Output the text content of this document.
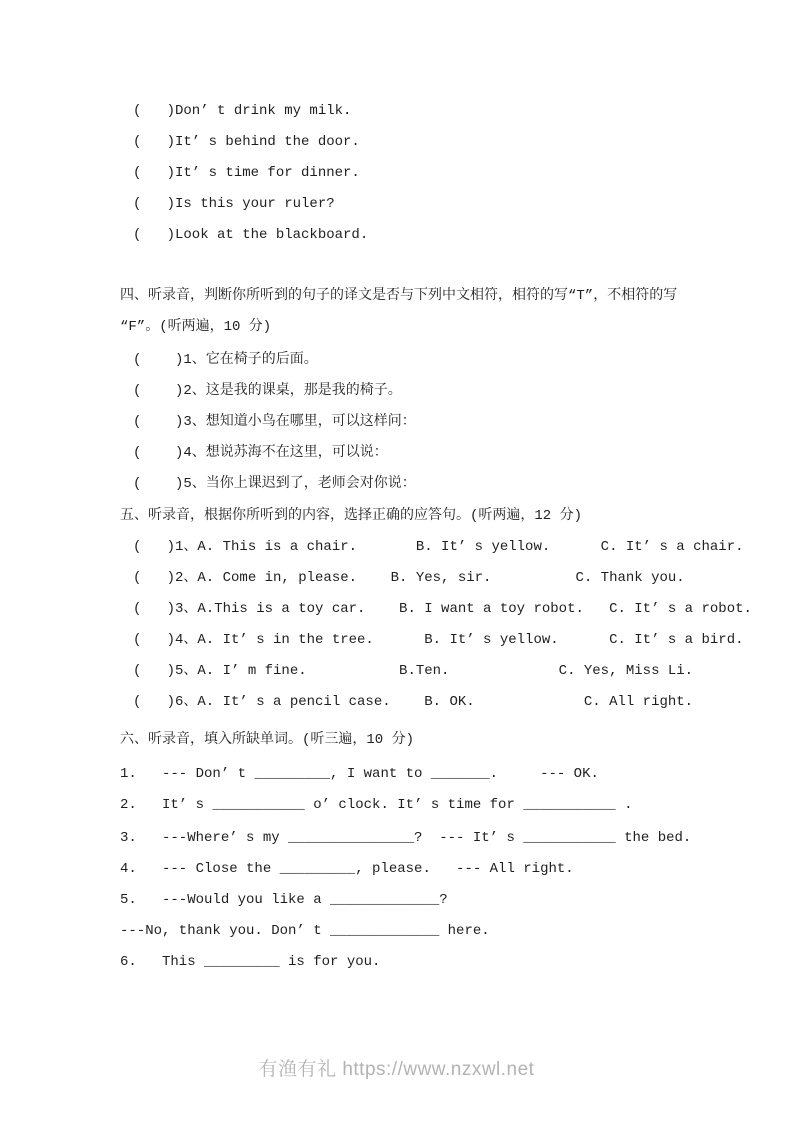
(   )Don’ t drink my milk.
(   )It’ s behind the door.
(   )It’ s time for dinner.
(   )Is this your ruler?
(   )Look at the blackboard.
四、听录音，判断你所听到的句子的译文是否与下列中文相符，相符的写“T”，不相符的写
“F”。(听两遍，10 分)
(    )1、它在椅子的后面。
(    )2、这是我的课桌，那是我的椅子。
(    )3、想知道小鸟在哪里，可以这样问：
(    )4、想说苏海不在这里，可以说：
(    )5、当你上课迟到了，老师会对你说：
五、听录音，根据你所听到的内容，选择正确的应答句。(听两遍，12 分)
(   )1、A. This is a chair.       B. It’ s yellow.      C. It’ s a chair.
(   )2、A. Come in, please.    B. Yes, sir.          C. Thank you.
(   )3、A.This is a toy car.    B. I want a toy robot.   C. It’ s a robot.
(   )4、A. It’ s in the tree.      B. It’ s yellow.      C. It’ s a bird.
(   )5、A. I’ m fine.           B.Ten.             C. Yes, Miss Li.
(   )6、A. It’ s a pencil case.    B. OK.             C. All right.
六、听录音，填入所缺单词。(听三遍，10 分)
1.   --- Don’ t _________, I want to _______.     --- OK.
2.   It’ s ___________ o’ clock. It’ s time for ___________ .
3.   ---Where’ s my _______________?  --- It’ s ___________ the bed.
4.   --- Close the _________, please.   --- All right.
5.   ---Would you like a _____________?
---No, thank you. Don’ t _____________ here.
6.   This _________ is for you.
有渔有礼 https://www.nzxwl.net
